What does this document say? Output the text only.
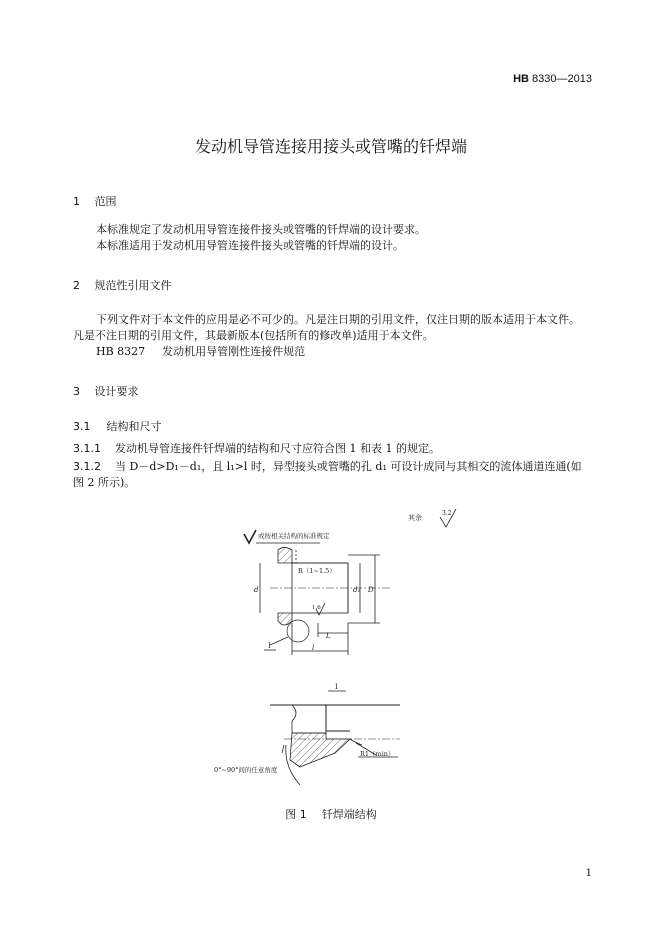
HB 8330—2013
发动机导管连接用接头或管嘴的钎焊端
1 范围
本标准规定了发动机用导管连接件接头或管嘴的钎焊端的设计要求。
本标准适用于发动机用导管连接件接头或管嘴的钎焊端的设计。
2 规范性引用文件
下列文件对于本文件的应用是必不可少的。凡是注日期的引用文件，仅注日期的版本适用于本文件。
凡是不注日期的引用文件，其最新版本(包括所有的修改单)适用于本文件。
HB 8327 发动机用导管刚性连接件规范
3 设计要求
3.1 结构和尺寸
3.1.1 发动机导管连接件钎焊端的结构和尺寸应符合图 1 和表 1 的规定。
3.1.2 当 D－d>D₁－d₁，且 l₁>l 时，异型接头或管嘴的孔 d₁ 可设计成同与其相交的流体通道连通(如
图 2 所示)。
其余
3.2
或按相关结构的标准规定
R（1~1.5）
d	d₁ D
1.6
I
L
l
I
R1（min）
0°~90°间的任意角度
图 1 钎焊端结构
1
